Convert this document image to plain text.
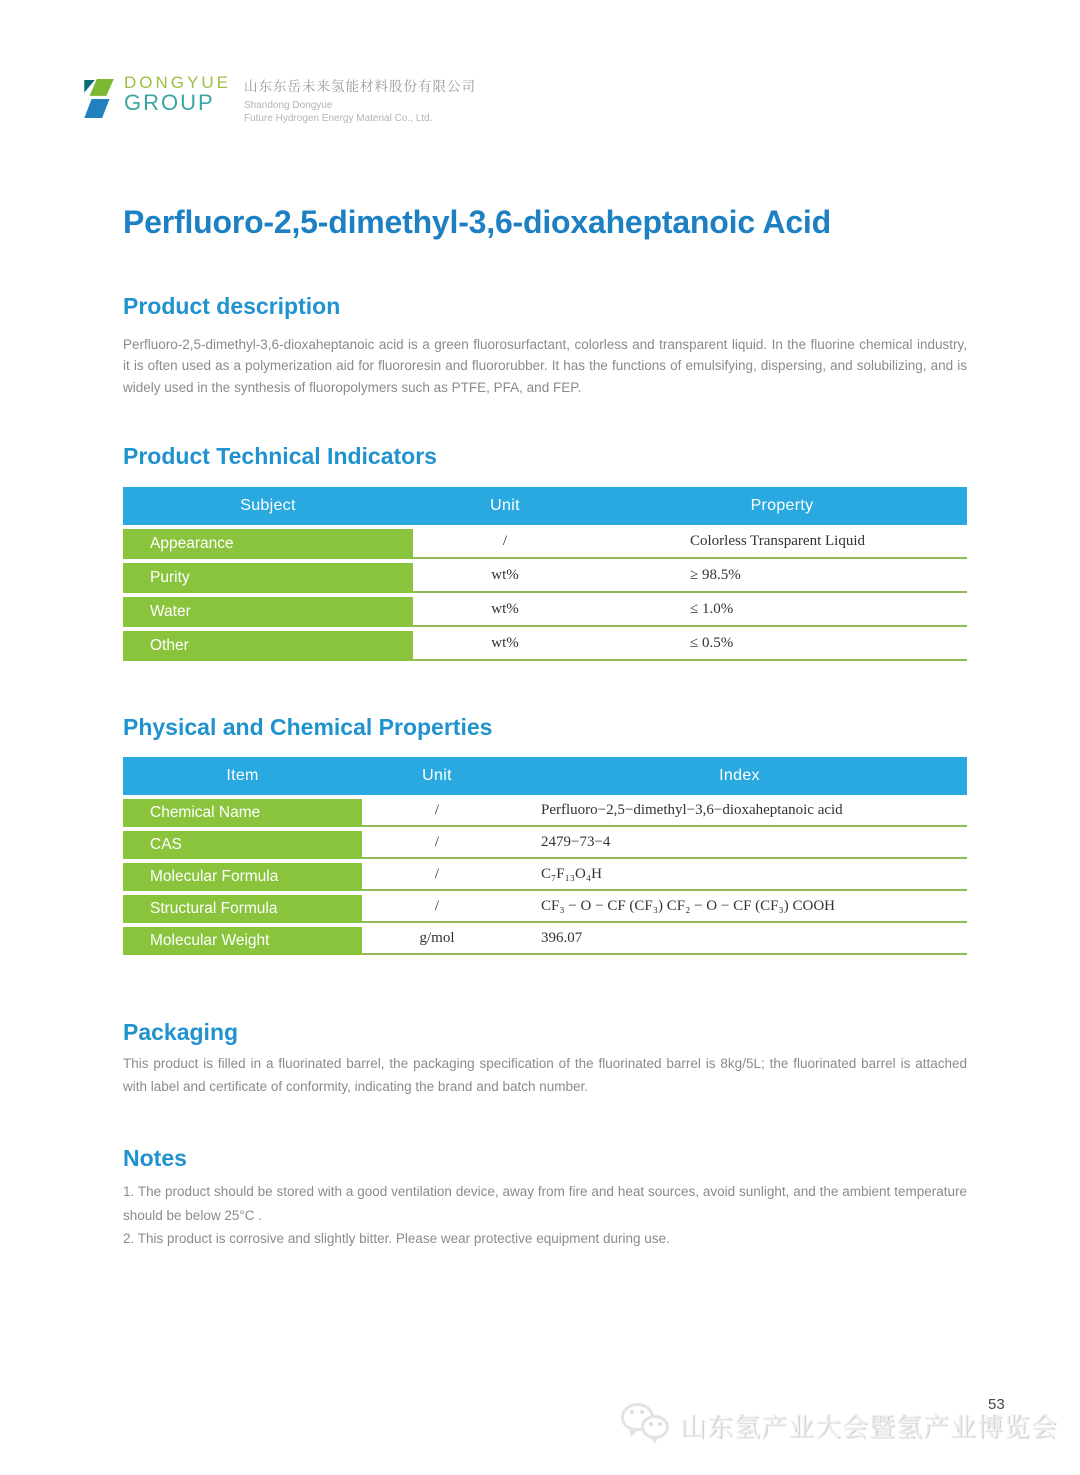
DONGYUE
GROUP
山东东岳未来氢能材料股份有限公司
Shandong Dongyue
Future Hydrogen Energy Material Co., Ltd.
Perfluoro-2,5-dimethyl-3,6-dioxaheptanoic Acid
Product description

Perfluoro-2,5-dimethyl-3,6-dioxaheptanoic acid is a green fluorosurfactant, colorless and transparent liquid. In the fluorine chemical industry, it is often used as a polymerization aid for fluororesin and fluororubber. It has the functions of emulsifying, dispersing, and solubilizing, and is widely used in the synthesis of fluoropolymers such as PTFE, PFA, and FEP.

Product Technical Indicators
Subject	Unit	Property
Appearance	/	Colorless Transparent Liquid
Purity	wt%	≥ 98.5%
Water	wt%	≤ 1.0%
Other	wt%	≤ 0.5%
Physical and Chemical Properties
Item	Unit	Index
Chemical Name	/	Perfluoro−2,5−dimethyl−3,6−dioxaheptanoic acid
CAS	/	2479−73−4
Molecular Formula	/	C₇F₁₃O₄H
Structural Formula	/	CF₃ − O − CF (CF₃) CF₂ − O − CF (CF₃) COOH
Molecular Weight	g/mol	396.07
Packaging

This product is filled in a fluorinated barrel, the packaging specification of the fluorinated barrel is 8kg/5L; the fluorinated barrel is attached with label and certificate of conformity, indicating the brand and batch number.

Notes

1. The product should be stored with a good ventilation device, away from fire and heat sources, avoid sunlight, and the ambient temperature should be below 25°C .

2. This product is corrosive and slightly bitter. Please wear protective equipment during use.

53
山东氢产业大会暨氢产业博览会
